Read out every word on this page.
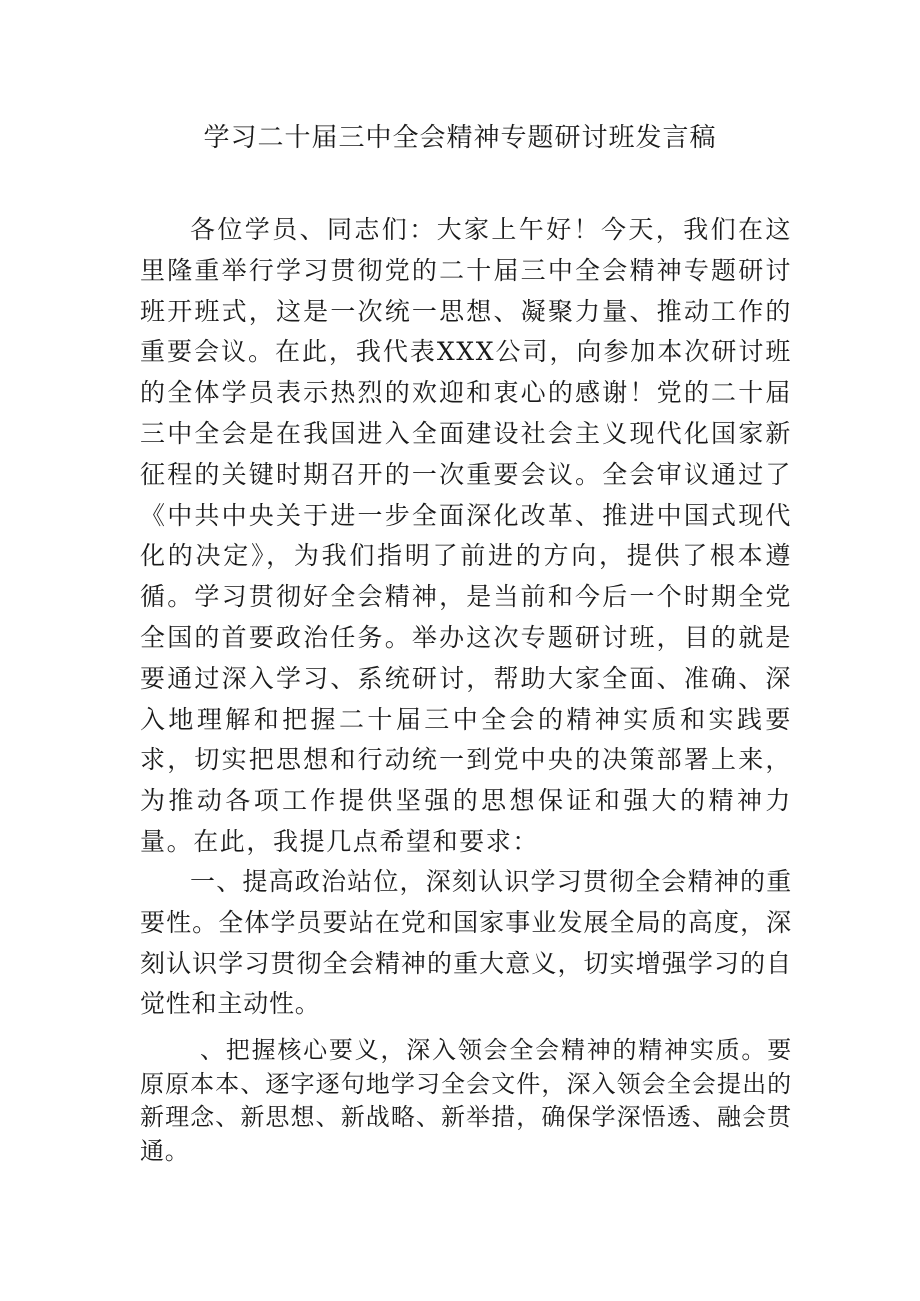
学习二十届三中全会精神专题研讨班发言稿

各位学员、同志们：大家上午好！今天，我们在这里隆重举行学习贯彻党的二十届三中全会精神专题研讨班开班式，这是一次统一思想、凝聚力量、推动工作的重要会议。在此，我代表XXX公司，向参加本次研讨班的全体学员表示热烈的欢迎和衷心的感谢！党的二十届三中全会是在我国进入全面建设社会主义现代化国家新征程的关键时期召开的一次重要会议。全会审议通过了《中共中央关于进一步全面深化改革、推进中国式现代化的决定》，为我们指明了前进的方向，提供了根本遵循。学习贯彻好全会精神，是当前和今后一个时期全党全国的首要政治任务。举办这次专题研讨班，目的就是要通过深入学习、系统研讨，帮助大家全面、准确、深入地理解和把握二十届三中全会的精神实质和实践要求，切实把思想和行动统一到党中央的决策部署上来，为推动各项工作提供坚强的思想保证和强大的精神力量。在此，我提几点希望和要求：

一、提高政治站位，深刻认识学习贯彻全会精神的重要性。全体学员要站在党和国家事业发展全局的高度，深刻认识学习贯彻全会精神的重大意义，切实增强学习的自觉性和主动性。

、把握核心要义，深入领会全会精神的精神实质。要原原本本、逐字逐句地学习全会文件，深入领会全会提出的新理念、新思想、新战略、新举措，确保学深悟透、融会贯通。
